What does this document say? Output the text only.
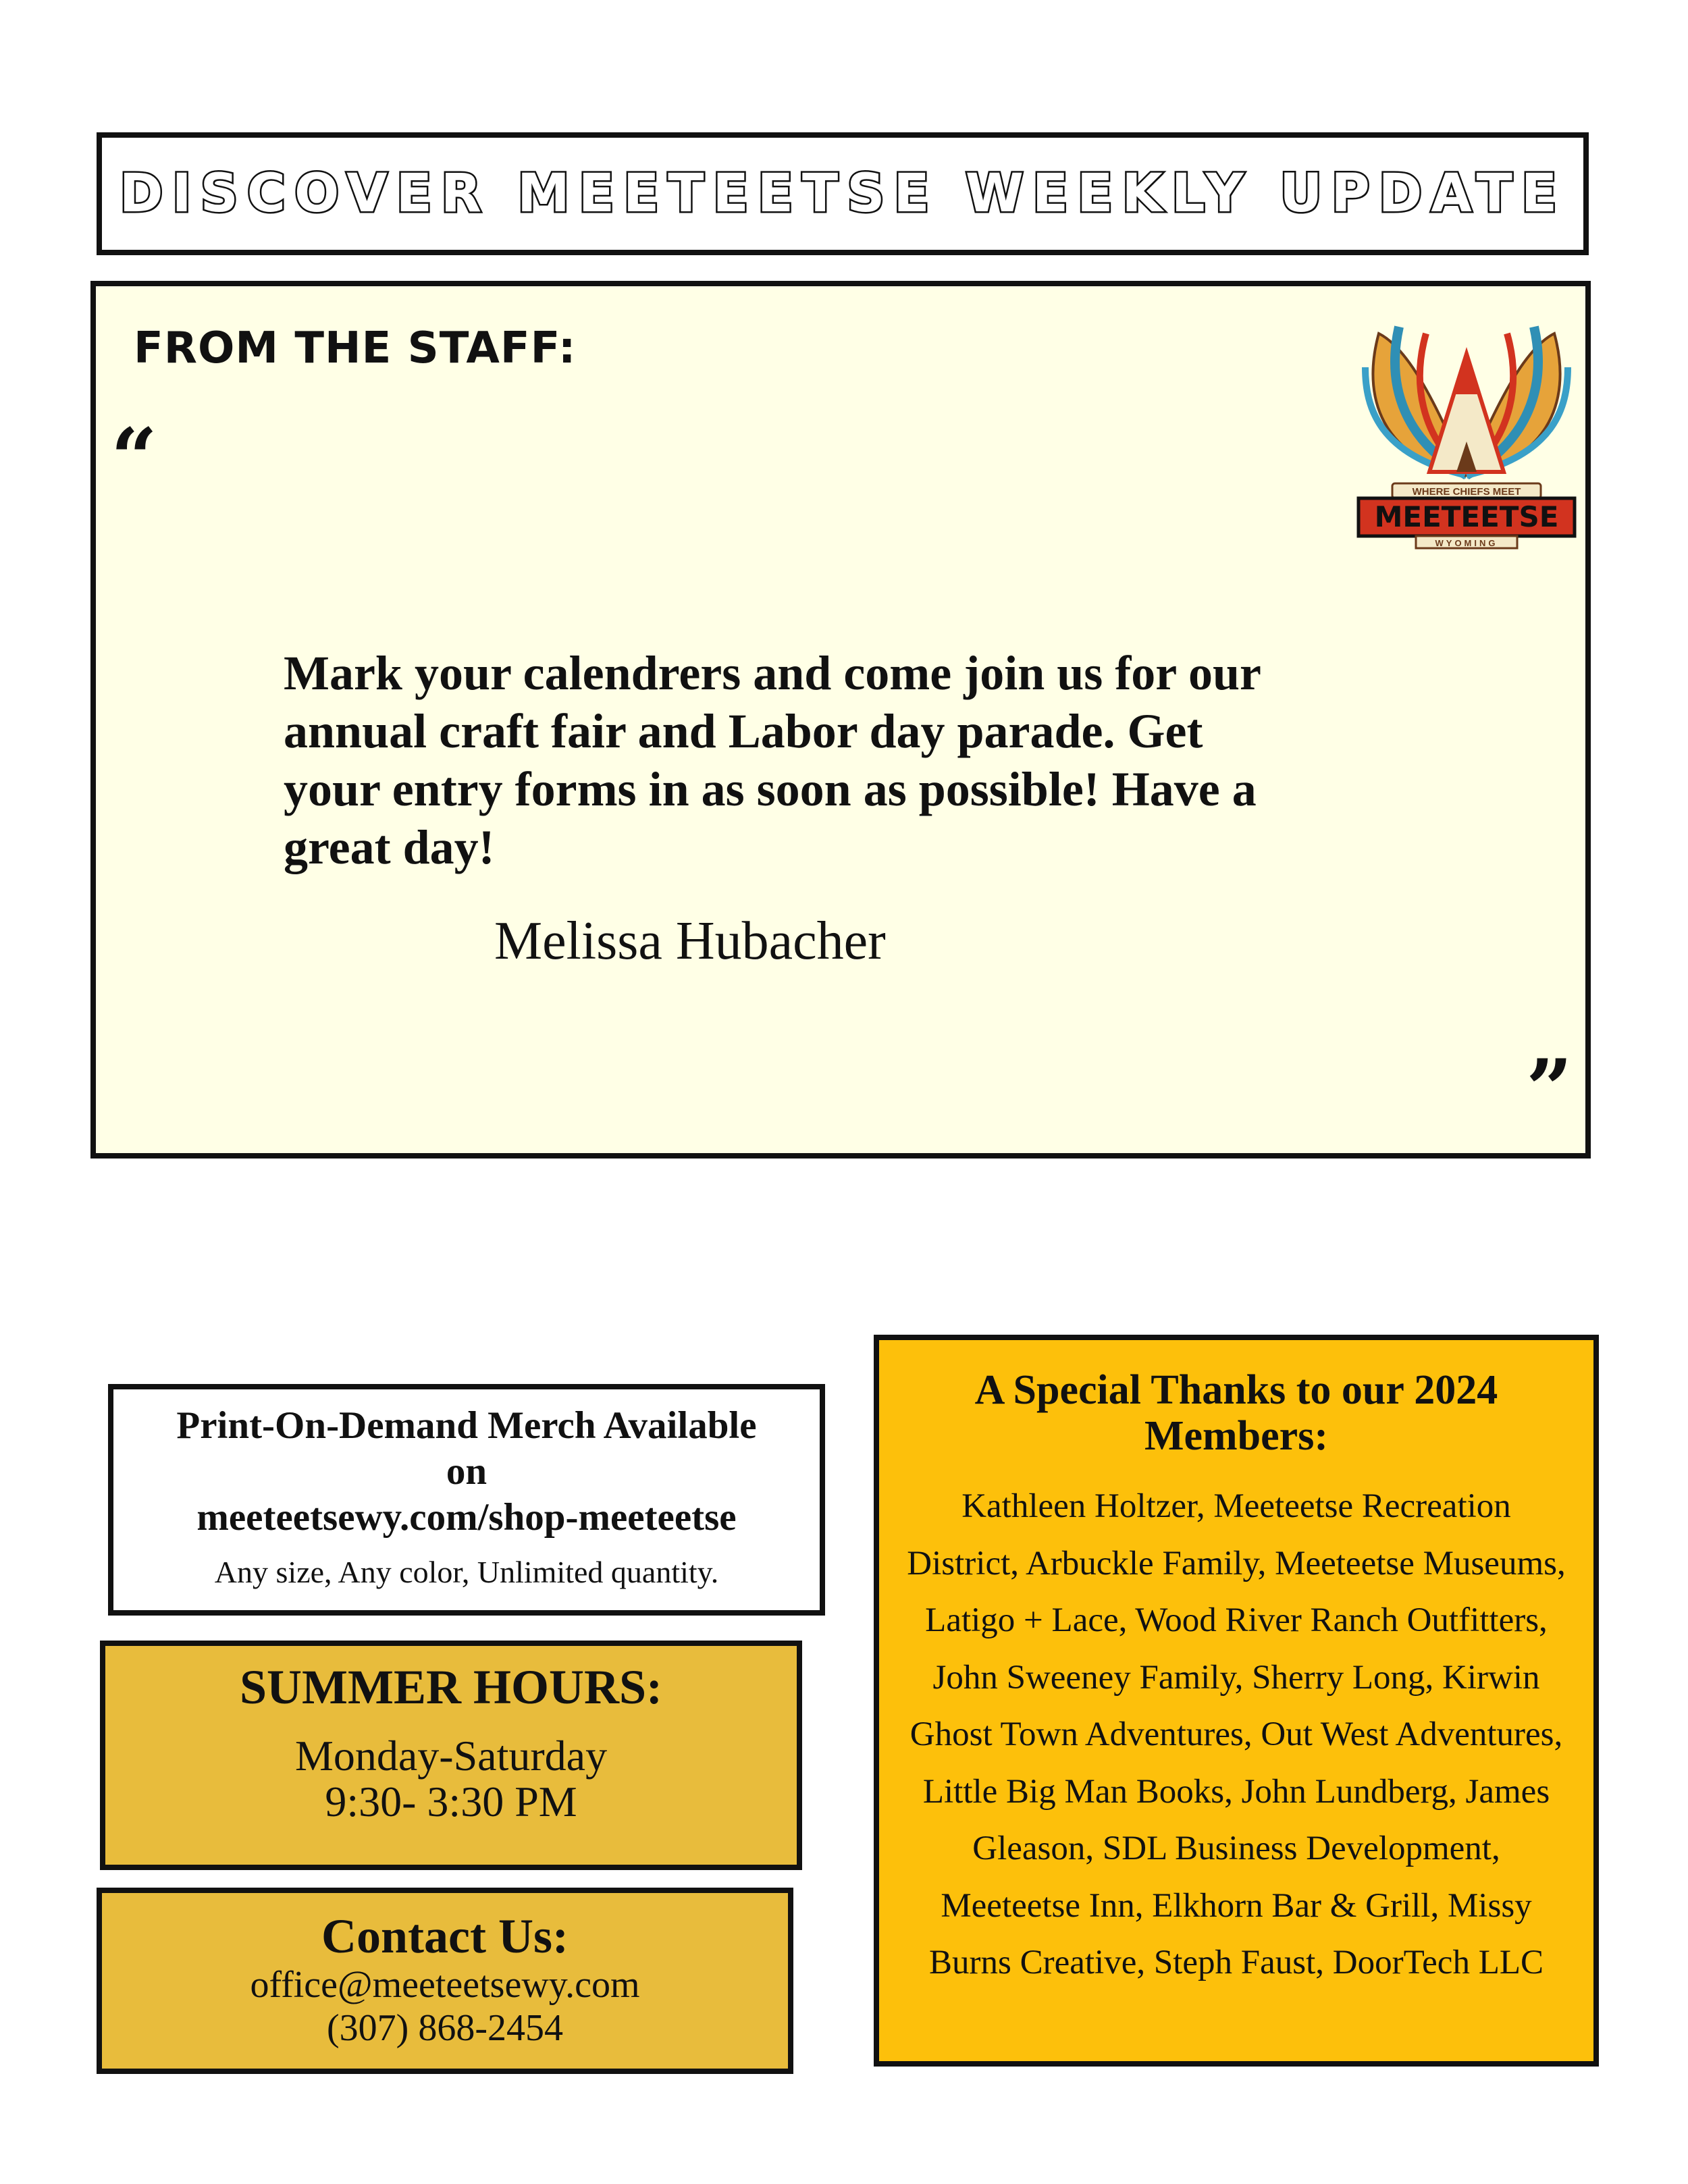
DISCOVER MEETEETSE WEEKLY UPDATE
FROM THE STAFF:
“
Mark your calendrers and come join us for our annual craft fair and Labor day parade. Get your entry forms in as soon as possible! Have a great day!
Melissa Hubacher
”
WHERE CHIEFS MEET
MEETEETSE
WYOMING
Print-On-Demand Merch Available
on
meeteetsewy.com/shop-meeteetse
Any size, Any color, Unlimited quantity.
SUMMER HOURS:
Monday-Saturday
9:30- 3:30 PM
Contact Us:
office@meeteetsewy.com
(307) 868-2454
A Special Thanks to our 2024 Members:
Kathleen Holtzer, Meeteetse Recreation District, Arbuckle Family, Meeteetse Museums, Latigo + Lace, Wood River Ranch Outfitters, John Sweeney Family, Sherry Long, Kirwin Ghost Town Adventures, Out West Adventures, Little Big Man Books, John Lundberg, James Gleason, SDL Business Development, Meeteetse Inn, Elkhorn Bar & Grill, Missy Burns Creative, Steph Faust, DoorTech LLC
